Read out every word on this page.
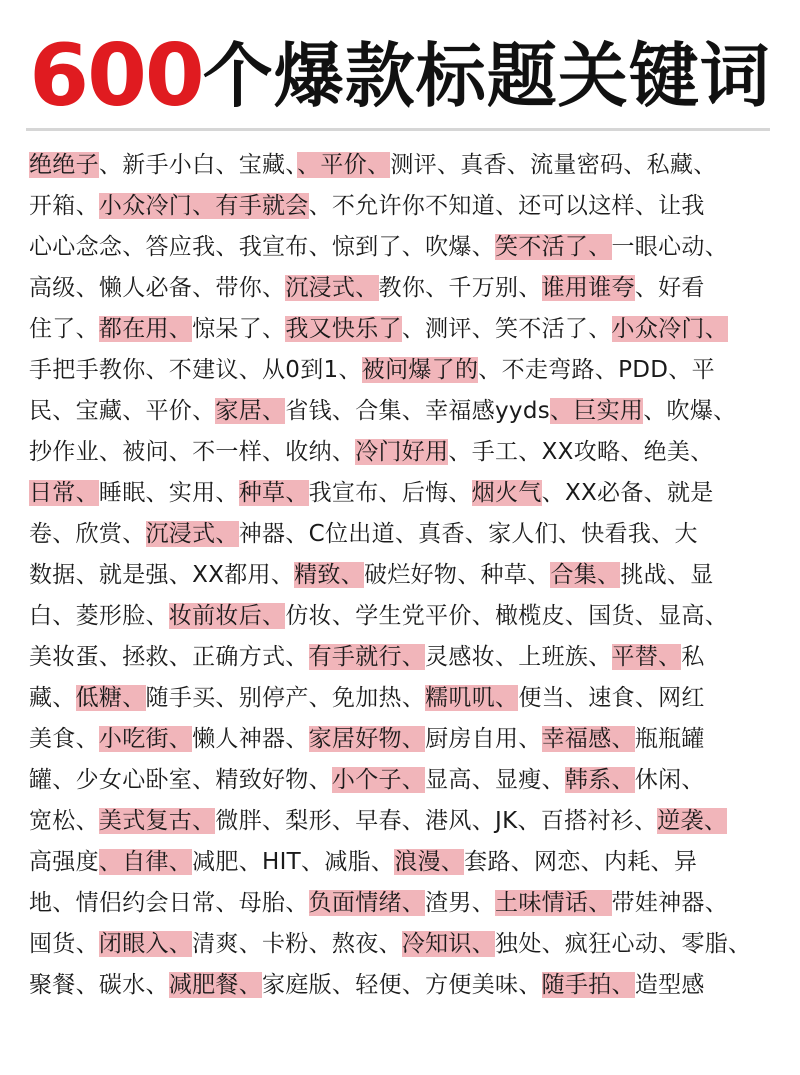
600个爆款标题关键词
绝绝子、新手小白、宝藏、、平价、测评、真香、流量密码、私藏、
开箱、小众冷门、有手就会、不允许你不知道、还可以这样、让我
心心念念、答应我、我宣布、惊到了、吹爆、笑不活了、一眼心动、
高级、懒人必备、带你、沉浸式、教你、千万别、谁用谁夸、好看
住了、都在用、惊呆了、我又快乐了、测评、笑不活了、小众冷门、
手把手教你、不建议、从0到1、被问爆了的、不走弯路、PDD、平
民、宝藏、平价、家居、省钱、合集、幸福感yyds、巨实用、吹爆、
抄作业、被问、不一样、收纳、冷门好用、手工、XX攻略、绝美、
日常、睡眠、实用、种草、我宣布、后悔、烟火气、XX必备、就是
卷、欣赏、沉浸式、神器、C位出道、真香、家人们、快看我、大
数据、就是强、XX都用、精致、破烂好物、种草、合集、挑战、显
白、菱形脸、妆前妆后、仿妆、学生党平价、橄榄皮、国货、显高、
美妆蛋、拯救、正确方式、有手就行、灵感妆、上班族、平替、私
藏、低糖、随手买、别停产、免加热、糯叽叽、便当、速食、网红
美食、小吃街、懒人神器、家居好物、厨房自用、幸福感、瓶瓶罐
罐、少女心卧室、精致好物、小个子、显高、显瘦、韩系、休闲、
宽松、美式复古、微胖、梨形、早春、港风、JK、百搭衬衫、逆袭、
高强度、自律、减肥、HIT、减脂、浪漫、套路、网恋、内耗、异
地、情侣约会日常、母胎、负面情绪、渣男、土味情话、带娃神器、
囤货、闭眼入、清爽、卡粉、熬夜、冷知识、独处、疯狂心动、零脂、
聚餐、碳水、减肥餐、家庭版、轻便、方便美味、随手拍、造型感
